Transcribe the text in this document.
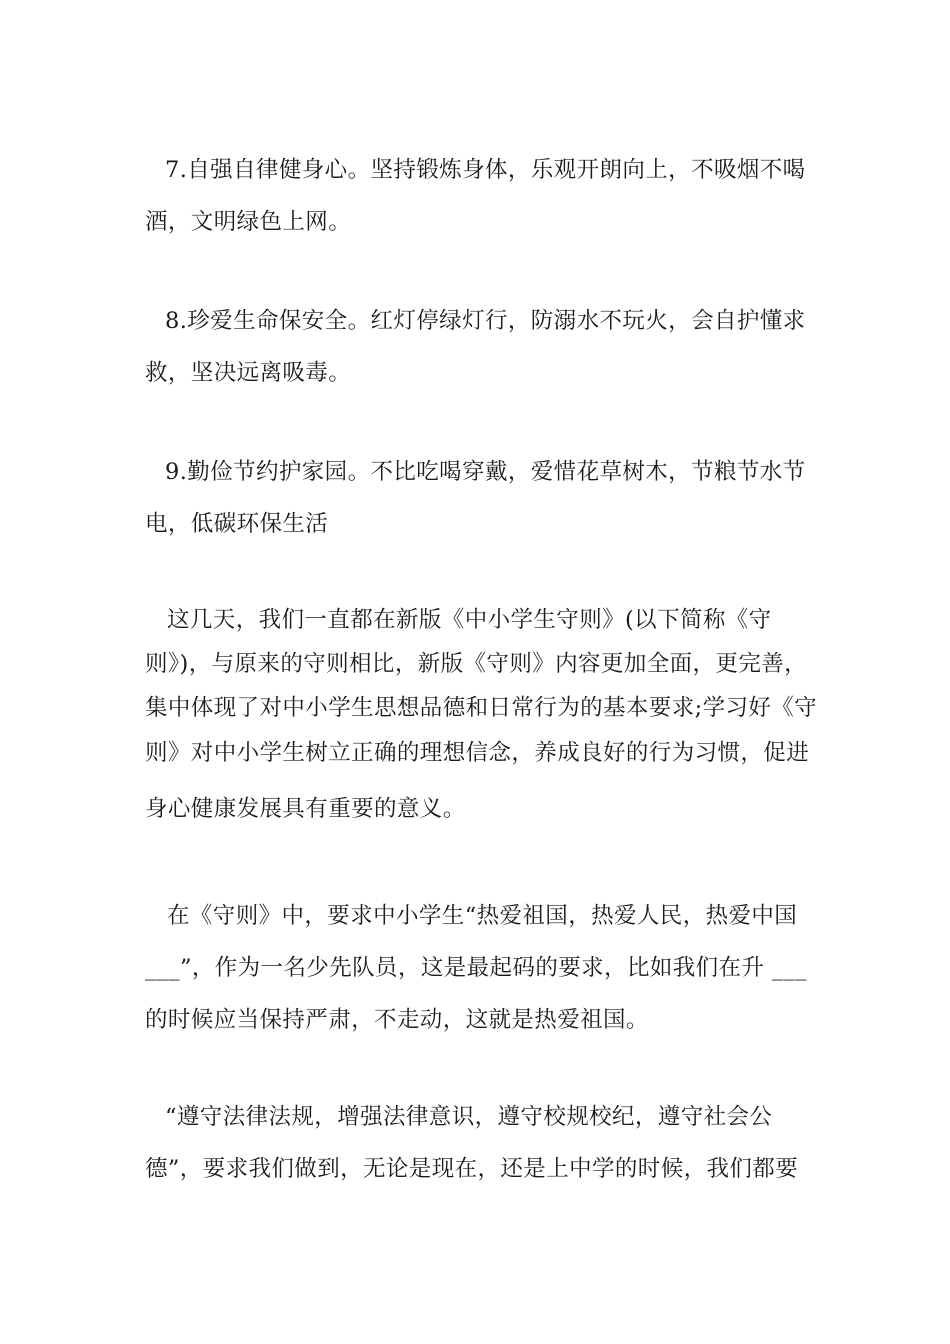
7.自强自律健身心。坚持锻炼身体，乐观开朗向上，不吸烟不喝
酒，文明绿色上网。
8.珍爱生命保安全。红灯停绿灯行，防溺水不玩火，会自护懂求
救，坚决远离吸毒。
9.勤俭节约护家园。不比吃喝穿戴，爱惜花草树木，节粮节水节
电，低碳环保生活
这几天，我们一直都在新版《中小学生守则》(以下简称《守
则》)，与原来的守则相比，新版《守则》内容更加全面，更完善，
集中体现了对中小学生思想品德和日常行为的基本要求;学习好《守
则》对中小学生树立正确的理想信念，养成良好的行为习惯，促进
身心健康发展具有重要的意义。
在《守则》中，要求中小学生“热爱祖国，热爱人民，热爱中国
___”，作为一名少先队员，这是最起码的要求，比如我们在升 ___
的时候应当保持严肃，不走动，这就是热爱祖国。
“遵守法律法规，增强法律意识，遵守校规校纪，遵守社会公
德”，要求我们做到，无论是现在，还是上中学的时候，我们都要
